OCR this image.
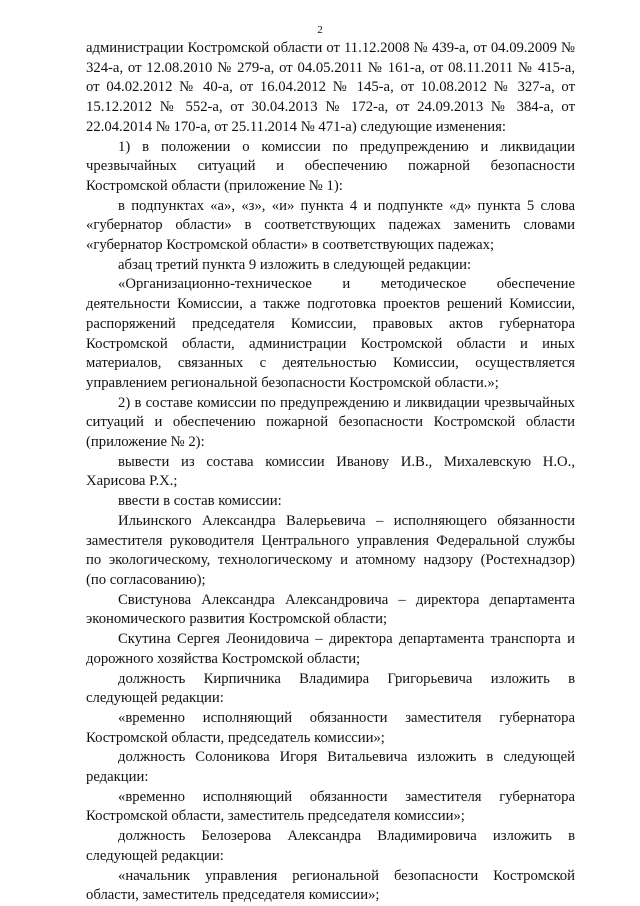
2

администрации Костромской области от 11.12.2008 № 439-а, от 04.09.2009 № 324-а, от 12.08.2010 № 279-а, от 04.05.2011 № 161-а, от 08.11.2011 № 415-а, от 04.02.2012 № 40-а, от 16.04.2012 № 145-а, от 10.08.2012 № 327-а, от 15.12.2012 № 552-а, от 30.04.2013 № 172-а, от 24.09.2013 № 384-а, от 22.04.2014 № 170-а, от 25.11.2014 № 471-а) следующие изменения:

1) в положении о комиссии по предупреждению и ликвидации чрезвычайных ситуаций и обеспечению пожарной безопасности Костромской области (приложение № 1):

в подпунктах «а», «з», «и» пункта 4 и подпункте «д» пункта 5 слова «губернатор области» в соответствующих падежах заменить словами «губернатор Костромской области» в соответствующих падежах;

абзац третий пункта 9 изложить в следующей редакции:

«Организационно-техническое и методическое обеспечение деятельности Комиссии, а также подготовка проектов решений Комиссии, распоряжений председателя Комиссии, правовых актов губернатора Костромской области, администрации Костромской области и иных материалов, связанных с деятельностью Комиссии, осуществляется управлением региональной безопасности Костромской области.»;

2) в составе комиссии по предупреждению и ликвидации чрезвычайных ситуаций и обеспечению пожарной безопасности Костромской области (приложение № 2):

вывести из состава комиссии Иванову И.В., Михалевскую Н.О., Харисова Р.Х.;

ввести в состав комиссии:

Ильинского Александра Валерьевича – исполняющего обязанности заместителя руководителя Центрального управления Федеральной службы по экологическому, технологическому и атомному надзору (Ростехнадзор) (по согласованию);

Свистунова Александра Александровича – директора департамента экономического развития Костромской области;

Скутина Сергея Леонидовича – директора департамента транспорта и дорожного хозяйства Костромской области;

должность Кирпичника Владимира Григорьевича изложить в следующей редакции:

«временно исполняющий обязанности заместителя губернатора Костромской области, председатель комиссии»;

должность Солоникова Игоря Витальевича изложить в следующей редакции:

«временно исполняющий обязанности заместителя губернатора Костромской области, заместитель председателя комиссии»;

должность Белозерова Александра Владимировича изложить в следующей редакции:

«начальник управления региональной безопасности Костромской области, заместитель председателя комиссии»;
